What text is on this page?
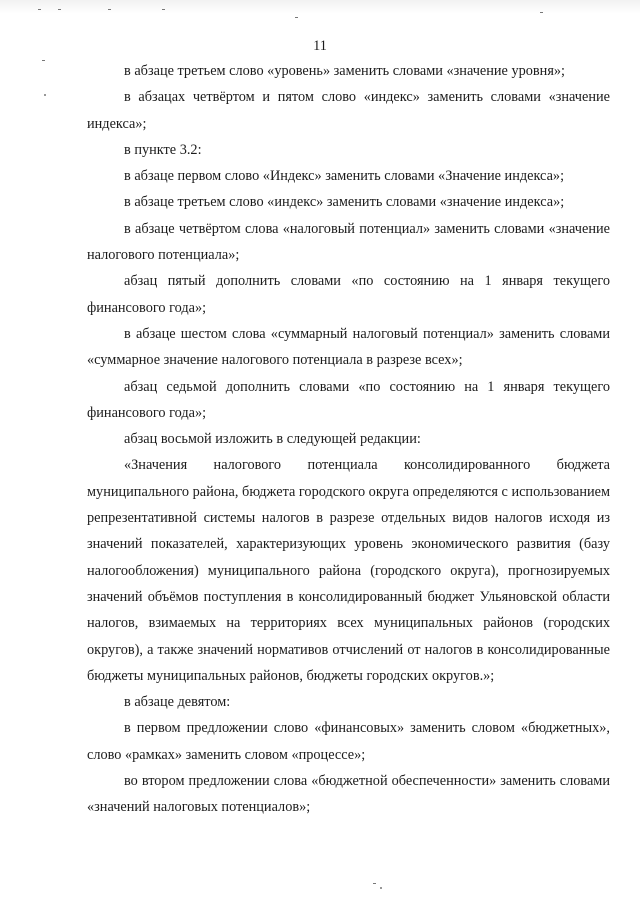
11

в абзаце третьем слово «уровень» заменить словами «значение уровня»;

в абзацах четвёртом и пятом слово «индекс» заменить словами «значение индекса»;

в пункте 3.2:

в абзаце первом слово «Индекс» заменить словами «Значение индекса»;

в абзаце третьем слово «индекс» заменить словами «значение индекса»;

в абзаце четвёртом слова «налоговый потенциал» заменить словами «значение налогового потенциала»;

абзац пятый дополнить словами «по состоянию на 1 января текущего финансового года»;

в абзаце шестом слова «суммарный налоговый потенциал» заменить словами «суммарное значение налогового потенциала в разрезе всех»;

абзац седьмой дополнить словами «по состоянию на 1 января текущего финансового года»;

абзац восьмой изложить в следующей редакции:

«Значения налогового потенциала консолидированного бюджета муниципального района, бюджета городского округа определяются с использованием репрезентативной системы налогов в разрезе отдельных видов налогов исходя из значений показателей, характеризующих уровень экономического развития (базу налогообложения) муниципального района (городского округа), прогнозируемых значений объёмов поступления в консолидированный бюджет Ульяновской области налогов, взимаемых на территориях всех муниципальных районов (городских округов), а также значений нормативов отчислений от налогов в консолидированные бюджеты муниципальных районов, бюджеты городских округов.»;

в абзаце девятом:

в первом предложении слово «финансовых» заменить словом «бюджетных», слово «рамках» заменить словом «процессе»;

во втором предложении слова «бюджетной обеспеченности» заменить словами «значений налоговых потенциалов»;
